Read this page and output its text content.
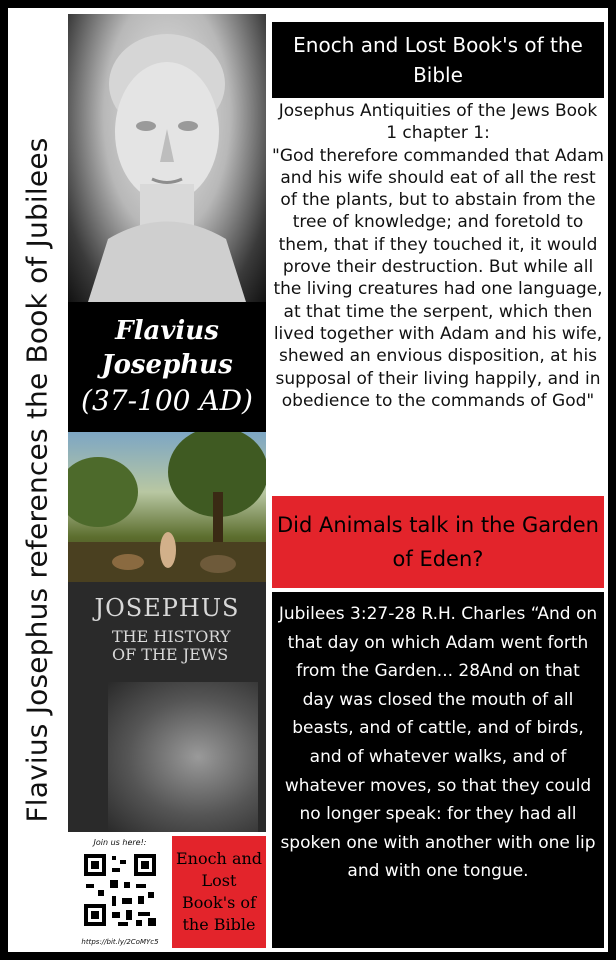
Flavius Josephus references the Book of Jubilees	Flavius
Josephus
(37-100 AD)
JOSEPHUS
THE HISTORY
OF THE JEWS
Join us here!:
https://bit.ly/2CoMYc5
Enoch and Lost Book's of the Bible
Enoch and Lost Book's of the Bible
Josephus Antiquities of the Jews Book 1 chapter 1:
"God therefore commanded that Adam and his wife should eat of all the rest of the plants, but to abstain from the tree of knowledge; and foretold to them, that if they touched it, it would prove their destruction. But while all the living creatures had one language, at that time the serpent, which then lived together with Adam and his wife, shewed an envious disposition, at his supposal of their living happily, and in obedience to the commands of God"
Did Animals talk in the Garden of Eden?
Jubilees 3:27-28 R.H. Charles “And on that day on which Adam went forth from the Garden... 28And on that day was closed the mouth of all beasts, and of cattle, and of birds, and of whatever walks, and of whatever moves, so that they could no longer speak: for they had all spoken one with another with one lip and with one tongue.
